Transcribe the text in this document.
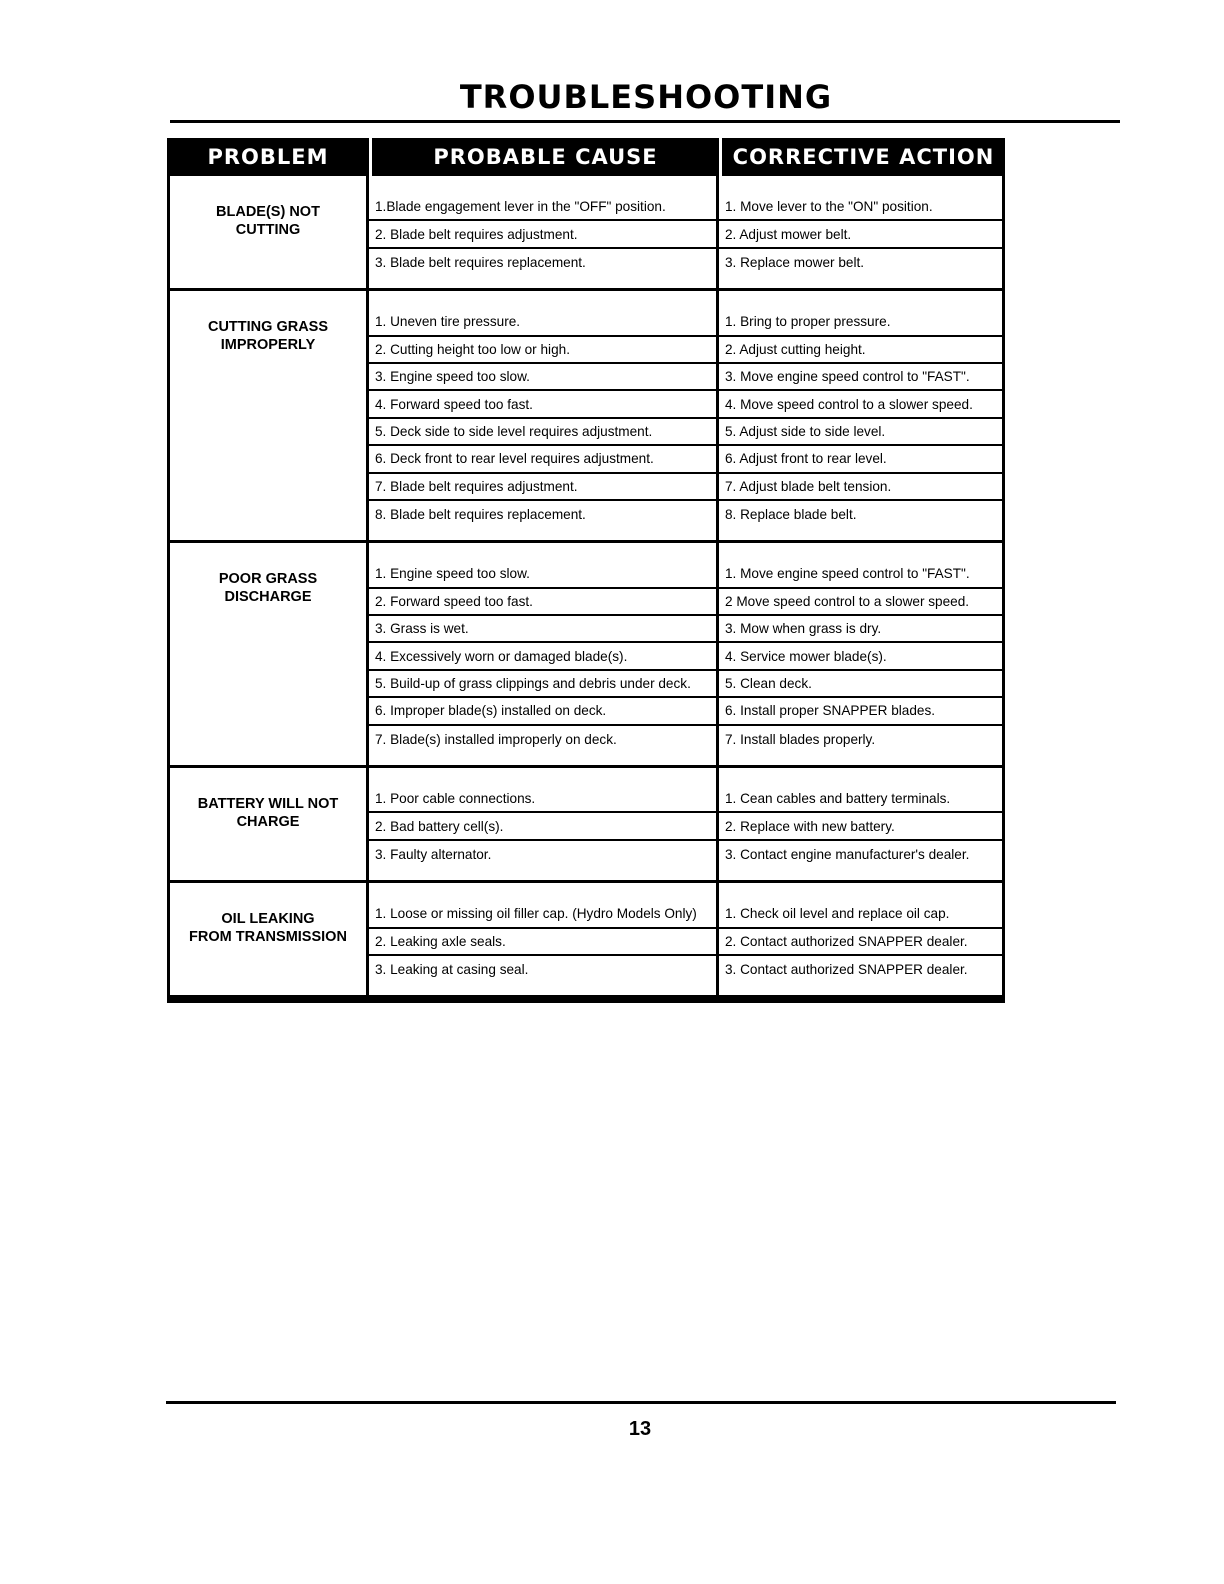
TROUBLESHOOTING
PROBLEM	PROBABLE CAUSE	CORRECTIVE ACTION
BLADE(S) NOT
CUTTING
1.Blade engagement lever in the "OFF" position.
2. Blade belt requires adjustment.
3. Blade belt requires replacement.
1. Move lever to the "ON" position.
2. Adjust mower belt.
3. Replace mower belt.
CUTTING GRASS
IMPROPERLY
1. Uneven tire pressure.
2. Cutting height too low or high.
3. Engine speed too slow.
4. Forward speed too fast.
5. Deck side to side level requires adjustment.
6. Deck front to rear level requires adjustment.
7. Blade belt requires adjustment.
8. Blade belt requires replacement.
1. Bring to proper pressure.
2. Adjust cutting height.
3. Move engine speed control to "FAST".
4. Move speed control to a slower speed.
5. Adjust side to side level.
6. Adjust front to rear level.
7. Adjust blade belt tension.
8. Replace blade belt.
POOR GRASS
DISCHARGE
1. Engine speed too slow.
2. Forward speed too fast.
3. Grass is wet.
4. Excessively worn or damaged blade(s).
5. Build-up of grass clippings and debris under deck.
6. Improper blade(s) installed on deck.
7. Blade(s) installed improperly on deck.
1. Move engine speed control to "FAST".
2 Move speed control to a slower speed.
3. Mow when grass is dry.
4. Service mower blade(s).
5. Clean deck.
6. Install proper SNAPPER blades.
7. Install blades properly.
BATTERY WILL NOT
CHARGE
1. Poor cable connections.
2. Bad battery cell(s).
3. Faulty alternator.
1. Cean cables and battery terminals.
2. Replace with new battery.
3. Contact engine manufacturer's dealer.
OIL LEAKING
FROM TRANSMISSION
1. Loose or missing oil filler cap. (Hydro Models Only)
2. Leaking axle seals.
3. Leaking at casing seal.
1. Check oil level and replace oil cap.
2. Contact authorized SNAPPER dealer.
3. Contact authorized SNAPPER dealer.
13
